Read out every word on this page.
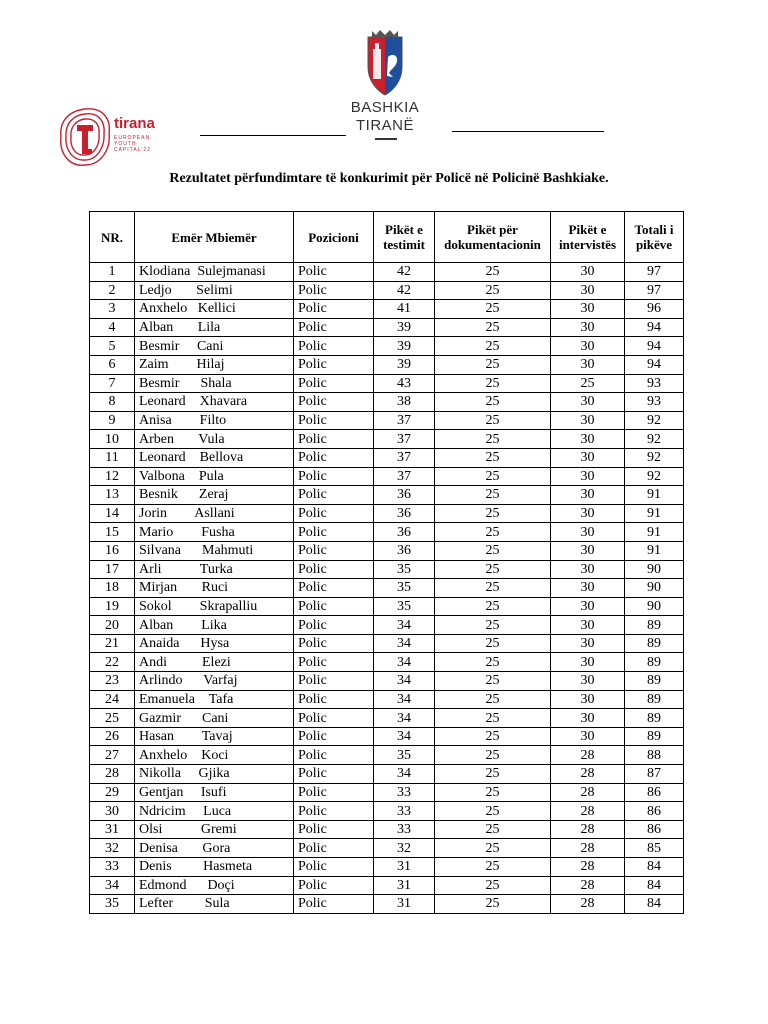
tirana
EUROPEAN YOUTH CAPITAL'22
BASHKIA
TIRANË
Rezultatet përfundimtare të konkurimit për Policë në Policinë Bashkiake.
NR.	Emër Mbiemër	Pozicioni	Pikët e testimit	Pikët për dokumentacionin	Pikët e intervistës	Totali i pikëve
1	Klodiana  Sulejmanasi	Polic	42	25	30	97
2	Ledjo       Selimi	Polic	42	25	30	97
3	Anxhelo   Kellici	Polic	41	25	30	96
4	Alban       Lila	Polic	39	25	30	94
5	Besmir     Cani	Polic	39	25	30	94
6	Zaim        Hilaj	Polic	39	25	30	94
7	Besmir      Shala	Polic	43	25	25	93
8	Leonard    Xhavara	Polic	38	25	30	93
9	Anisa        Filto	Polic	37	25	30	92
10	Arben       Vula	Polic	37	25	30	92
11	Leonard    Bellova	Polic	37	25	30	92
12	Valbona    Pula	Polic	37	25	30	92
13	Besnik      Zeraj	Polic	36	25	30	91
14	Jorin        Asllani	Polic	36	25	30	91
15	Mario        Fusha	Polic	36	25	30	91
16	Silvana      Mahmuti	Polic	36	25	30	91
17	Arli           Turka	Polic	35	25	30	90
18	Mirjan       Ruci	Polic	35	25	30	90
19	Sokol        Skrapalliu	Polic	35	25	30	90
20	Alban        Lika	Polic	34	25	30	89
21	Anaida      Hysa	Polic	34	25	30	89
22	Andi          Elezi	Polic	34	25	30	89
23	Arlindo      Varfaj	Polic	34	25	30	89
24	Emanuela    Tafa	Polic	34	25	30	89
25	Gazmir      Cani	Polic	34	25	30	89
26	Hasan        Tavaj	Polic	34	25	30	89
27	Anxhelo    Koci	Polic	35	25	28	88
28	Nikolla     Gjika	Polic	34	25	28	87
29	Gentjan     Isufi	Polic	33	25	28	86
30	Ndricim     Luca	Polic	33	25	28	86
31	Olsi           Gremi	Polic	33	25	28	86
32	Denisa       Gora	Polic	32	25	28	85
33	Denis         Hasmeta	Polic	31	25	28	84
34	Edmond      Doçi	Polic	31	25	28	84
35	Lefter         Sula	Polic	31	25	28	84
